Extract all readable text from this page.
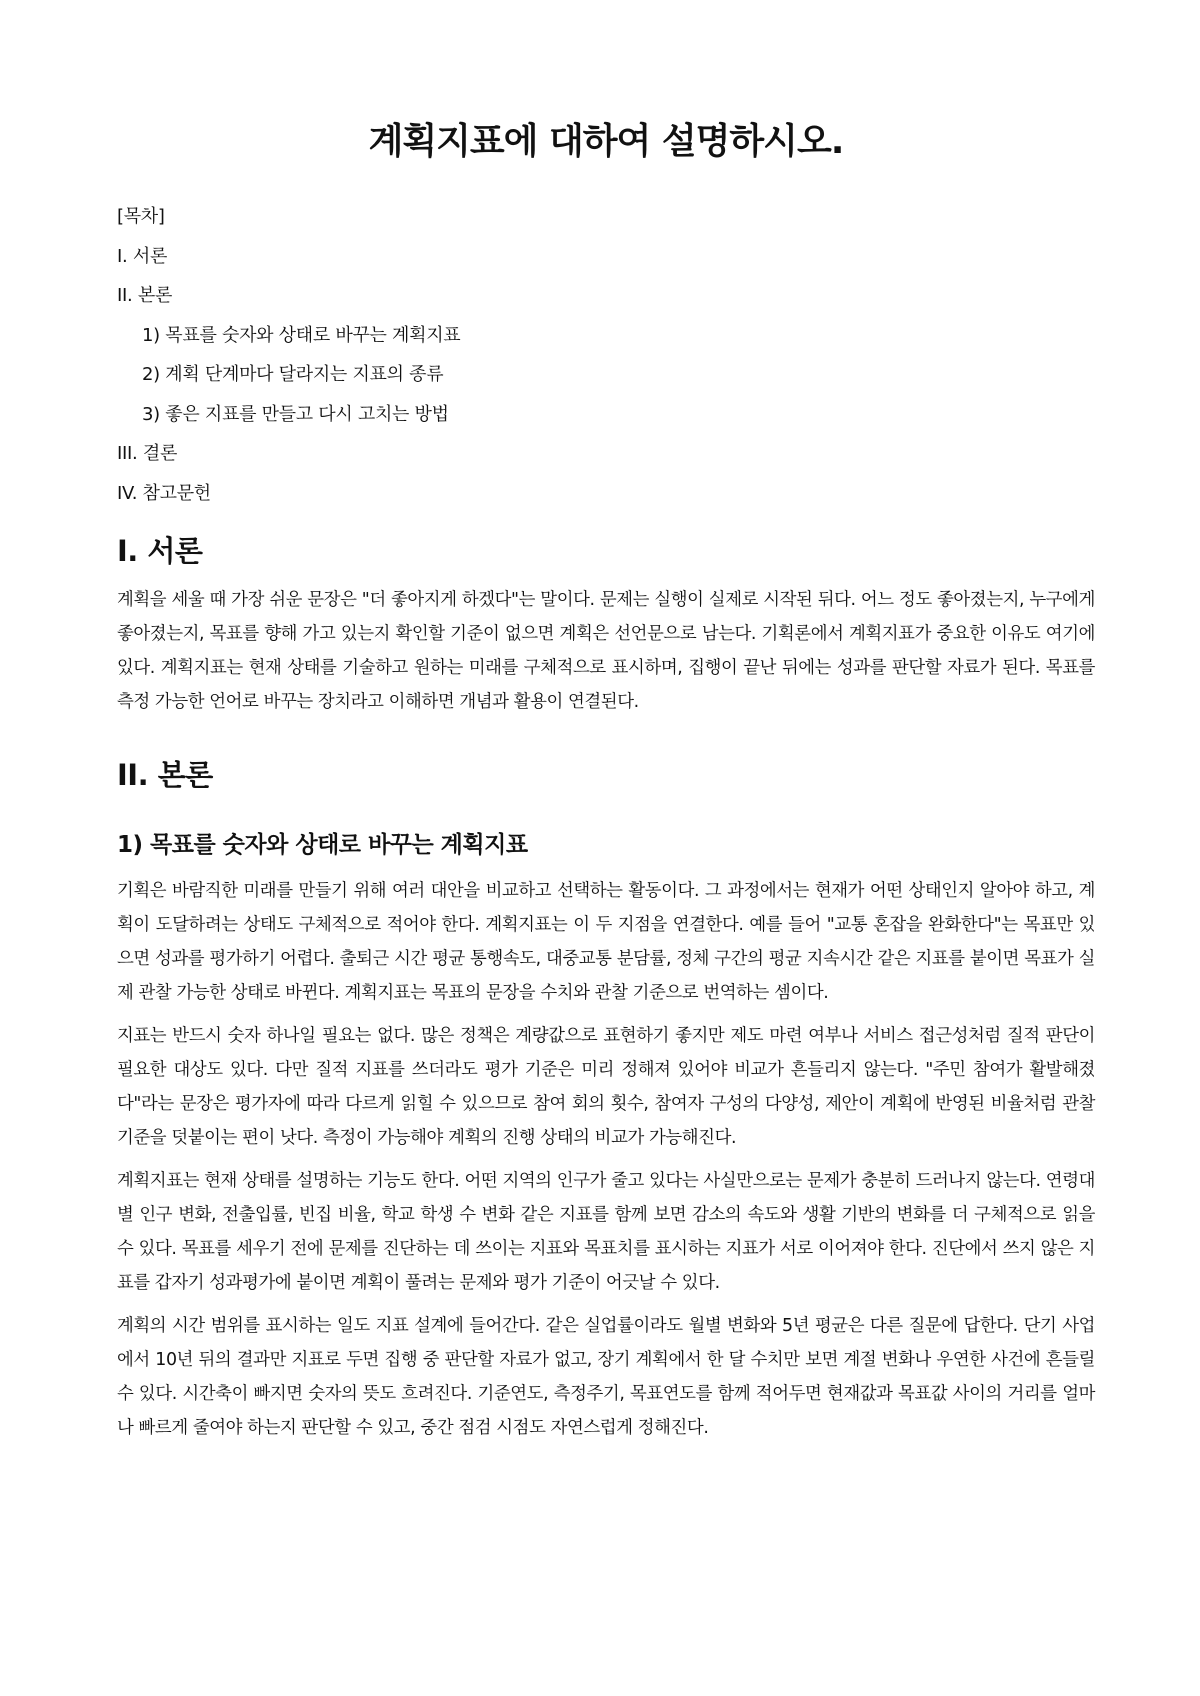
계획지표에 대하여 설명하시오.
[목차]
I. 서론
II. 본론
1) 목표를 숫자와 상태로 바꾸는 계획지표
2) 계획 단계마다 달라지는 지표의 종류
3) 좋은 지표를 만들고 다시 고치는 방법
III. 결론
IV. 참고문헌
I. 서론

계획을 세울 때 가장 쉬운 문장은 "더 좋아지게 하겠다"는 말이다. 문제는 실행이 실제로 시작된 뒤다. 어느 정도 좋아졌는지, 누구에게 좋아졌는지, 목표를 향해 가고 있는지 확인할 기준이 없으면 계획은 선언문으로 남는다. 기획론에서 계획지표가 중요한 이유도 여기에 있다. 계획지표는 현재 상태를 기술하고 원하는 미래를 구체적으로 표시하며, 집행이 끝난 뒤에는 성과를 판단할 자료가 된다. 목표를 측정 가능한 언어로 바꾸는 장치라고 이해하면 개념과 활용이 연결된다.

II. 본론
1) 목표를 숫자와 상태로 바꾸는 계획지표

기획은 바람직한 미래를 만들기 위해 여러 대안을 비교하고 선택하는 활동이다. 그 과정에서는 현재가 어떤 상태인지 알아야 하고, 계획이 도달하려는 상태도 구체적으로 적어야 한다. 계획지표는 이 두 지점을 연결한다. 예를 들어 "교통 혼잡을 완화한다"는 목표만 있으면 성과를 평가하기 어렵다. 출퇴근 시간 평균 통행속도, 대중교통 분담률, 정체 구간의 평균 지속시간 같은 지표를 붙이면 목표가 실제 관찰 가능한 상태로 바뀐다. 계획지표는 목표의 문장을 수치와 관찰 기준으로 번역하는 셈이다.

지표는 반드시 숫자 하나일 필요는 없다. 많은 정책은 계량값으로 표현하기 좋지만 제도 마련 여부나 서비스 접근성처럼 질적 판단이 필요한 대상도 있다. 다만 질적 지표를 쓰더라도 평가 기준은 미리 정해져 있어야 비교가 흔들리지 않는다. "주민 참여가 활발해졌다"라는 문장은 평가자에 따라 다르게 읽힐 수 있으므로 참여 회의 횟수, 참여자 구성의 다양성, 제안이 계획에 반영된 비율처럼 관찰 기준을 덧붙이는 편이 낫다. 측정이 가능해야 계획의 진행 상태의 비교가 가능해진다.

계획지표는 현재 상태를 설명하는 기능도 한다. 어떤 지역의 인구가 줄고 있다는 사실만으로는 문제가 충분히 드러나지 않는다. 연령대별 인구 변화, 전출입률, 빈집 비율, 학교 학생 수 변화 같은 지표를 함께 보면 감소의 속도와 생활 기반의 변화를 더 구체적으로 읽을 수 있다. 목표를 세우기 전에 문제를 진단하는 데 쓰이는 지표와 목표치를 표시하는 지표가 서로 이어져야 한다. 진단에서 쓰지 않은 지표를 갑자기 성과평가에 붙이면 계획이 풀려는 문제와 평가 기준이 어긋날 수 있다.

계획의 시간 범위를 표시하는 일도 지표 설계에 들어간다. 같은 실업률이라도 월별 변화와 5년 평균은 다른 질문에 답한다. 단기 사업에서 10년 뒤의 결과만 지표로 두면 집행 중 판단할 자료가 없고, 장기 계획에서 한 달 수치만 보면 계절 변화나 우연한 사건에 흔들릴 수 있다. 시간축이 빠지면 숫자의 뜻도 흐려진다. 기준연도, 측정주기, 목표연도를 함께 적어두면 현재값과 목표값 사이의 거리를 얼마나 빠르게 줄여야 하는지 판단할 수 있고, 중간 점검 시점도 자연스럽게 정해진다.
